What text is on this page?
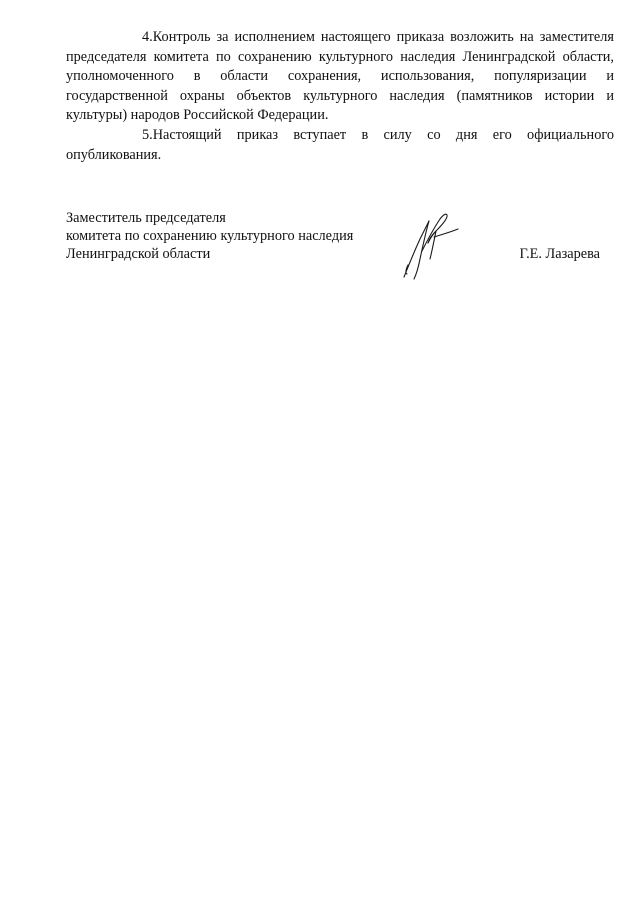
4.Контроль за исполнением настоящего приказа возложить на заместителя председателя комитета по сохранению культурного наследия Ленинградской области, уполномоченного в области сохранения, использования, популяризации и государственной охраны объектов культурного наследия (памятников истории и культуры) народов Российской Федерации.

5.Настоящий приказ вступает в силу со дня его официального опубликования.

Заместитель председателя
комитета по сохранению культурного наследия
Ленинградской области	Г.Е. Лазарева
